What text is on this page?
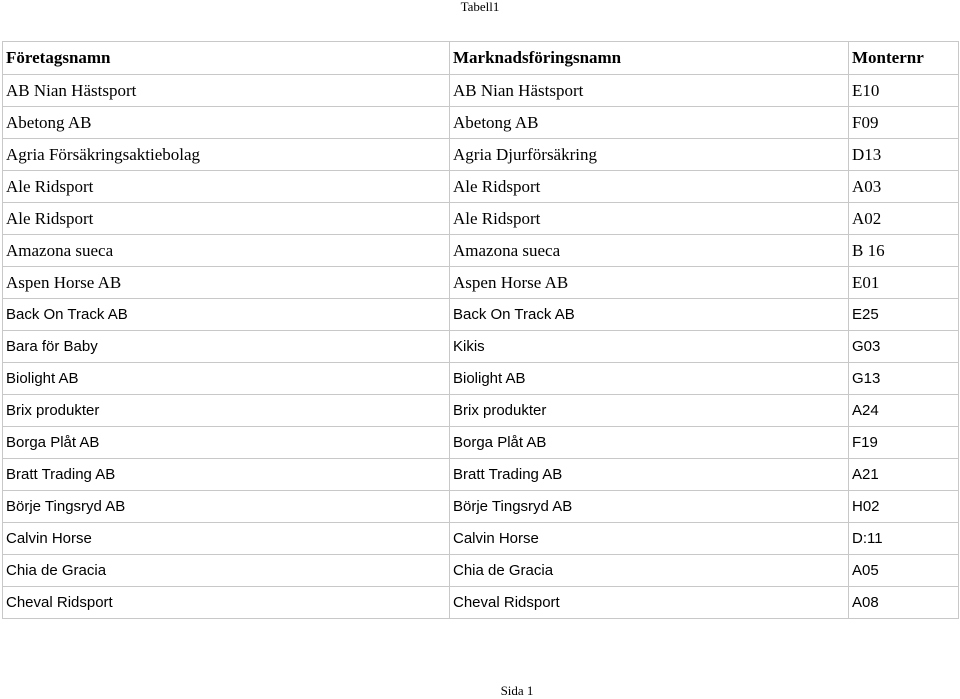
Tabell1
Företagsnamn	Marknadsföringsnamn	Monternr
AB Nian Hästsport	AB Nian Hästsport	E10
Abetong AB	Abetong AB	F09
Agria Försäkringsaktiebolag	Agria Djurförsäkring	D13
Ale Ridsport	Ale Ridsport	A03
Ale Ridsport	Ale Ridsport	A02
Amazona sueca	Amazona sueca	B 16
Aspen Horse AB	Aspen Horse AB	E01
Back On Track AB	Back On Track AB	E25
Bara för Baby	Kikis	G03
Biolight AB	Biolight AB	G13
Brix produkter	Brix produkter	A24
Borga Plåt AB	Borga Plåt AB	F19
Bratt Trading AB	Bratt Trading AB	A21
Börje Tingsryd AB	Börje Tingsryd AB	H02
Calvin Horse	Calvin Horse	D:11
Chia de Gracia	Chia de Gracia	A05
Cheval Ridsport	Cheval Ridsport	A08
Sida 1
